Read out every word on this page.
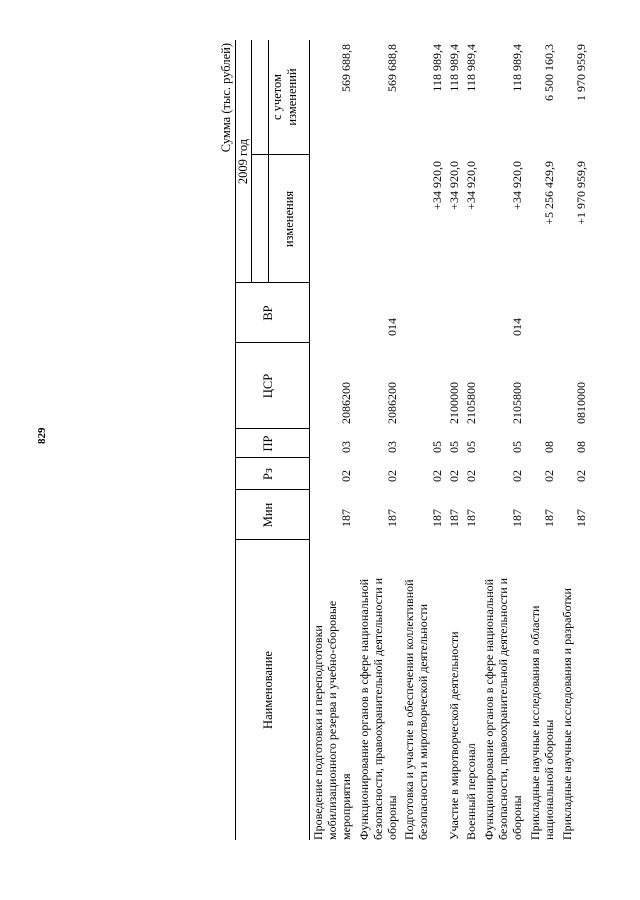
829
Сумма (тыс. рублей)
Наименование
Мин
Рз
ПР
ЦСР
ВР
2009 год
изменения
с учетом изменений
Проведение подготовки и переподготовки мобилизационного резерва и учебно-сборовые мероприятия
187
02
03
2086200
569 688,8
Функционирование органов в сфере национальной безопасности, правоохранительной деятельности и обороны
187
02
03
2086200
014
569 688,8
Подготовка и участие в обеспечении коллективной безопасности и миротворческой деятельности
187
02
05
+34 920,0
118 989,4
Участие в миротворческой деятельности
187
02
05
2100000
+34 920,0
118 989,4
Военный персонал
187
02
05
2105800
+34 920,0
118 989,4
Функционирование органов в сфере национальной безопасности, правоохранительной деятельности и обороны
187
02
05
2105800
014
+34 920,0
118 989,4
Прикладные научные исследования в области национальной обороны
187
02
08
+5 256 429,9
6 500 160,3
Прикладные научные исследования и разработки
187
02
08
0810000
+1 970 959,9
1 970 959,9
